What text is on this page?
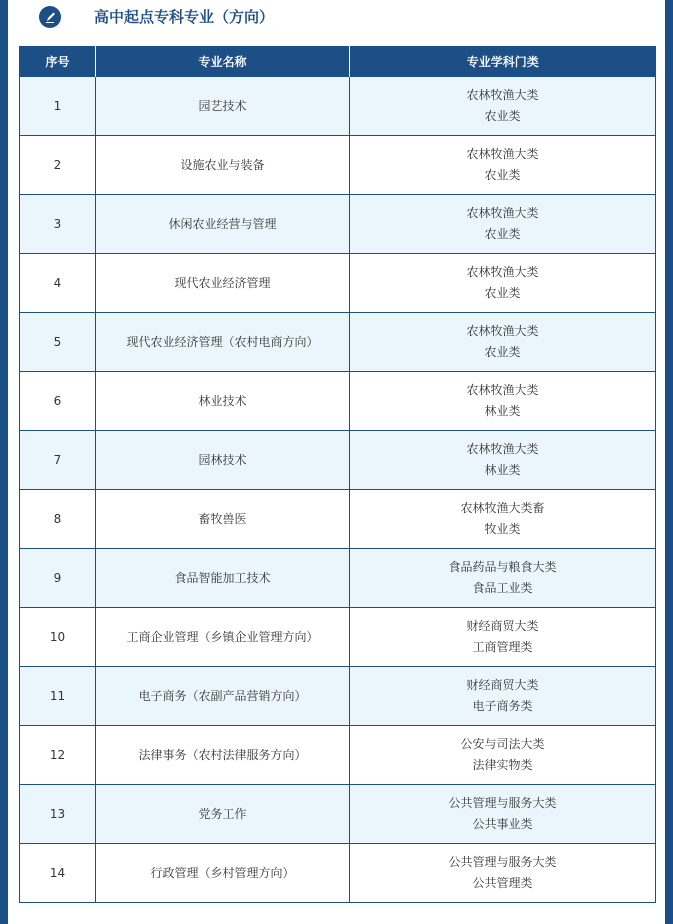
高中起点专科专业（方向）
序号	专业名称	专业学科门类
1	园艺技术	农林牧渔大类
农业类

2	设施农业与装备	农林牧渔大类
农业类

3	休闲农业经营与管理	农林牧渔大类
农业类

4	现代农业经济管理	农林牧渔大类
农业类

5	现代农业经济管理（农村电商方向）	农林牧渔大类
农业类

6	林业技术	农林牧渔大类
林业类

7	园林技术	农林牧渔大类
林业类

8	畜牧兽医	农林牧渔大类畜
牧业类

9	食品智能加工技术	食品药品与粮食大类
食品工业类

10	工商企业管理（乡镇企业管理方向）	财经商贸大类
工商管理类

11	电子商务（农副产品营销方向）	财经商贸大类
电子商务类

12	法律事务（农村法律服务方向）	公安与司法大类
法律实物类

13	党务工作	公共管理与服务大类
公共事业类

14	行政管理（乡村管理方向）	公共管理与服务大类
公共管理类
